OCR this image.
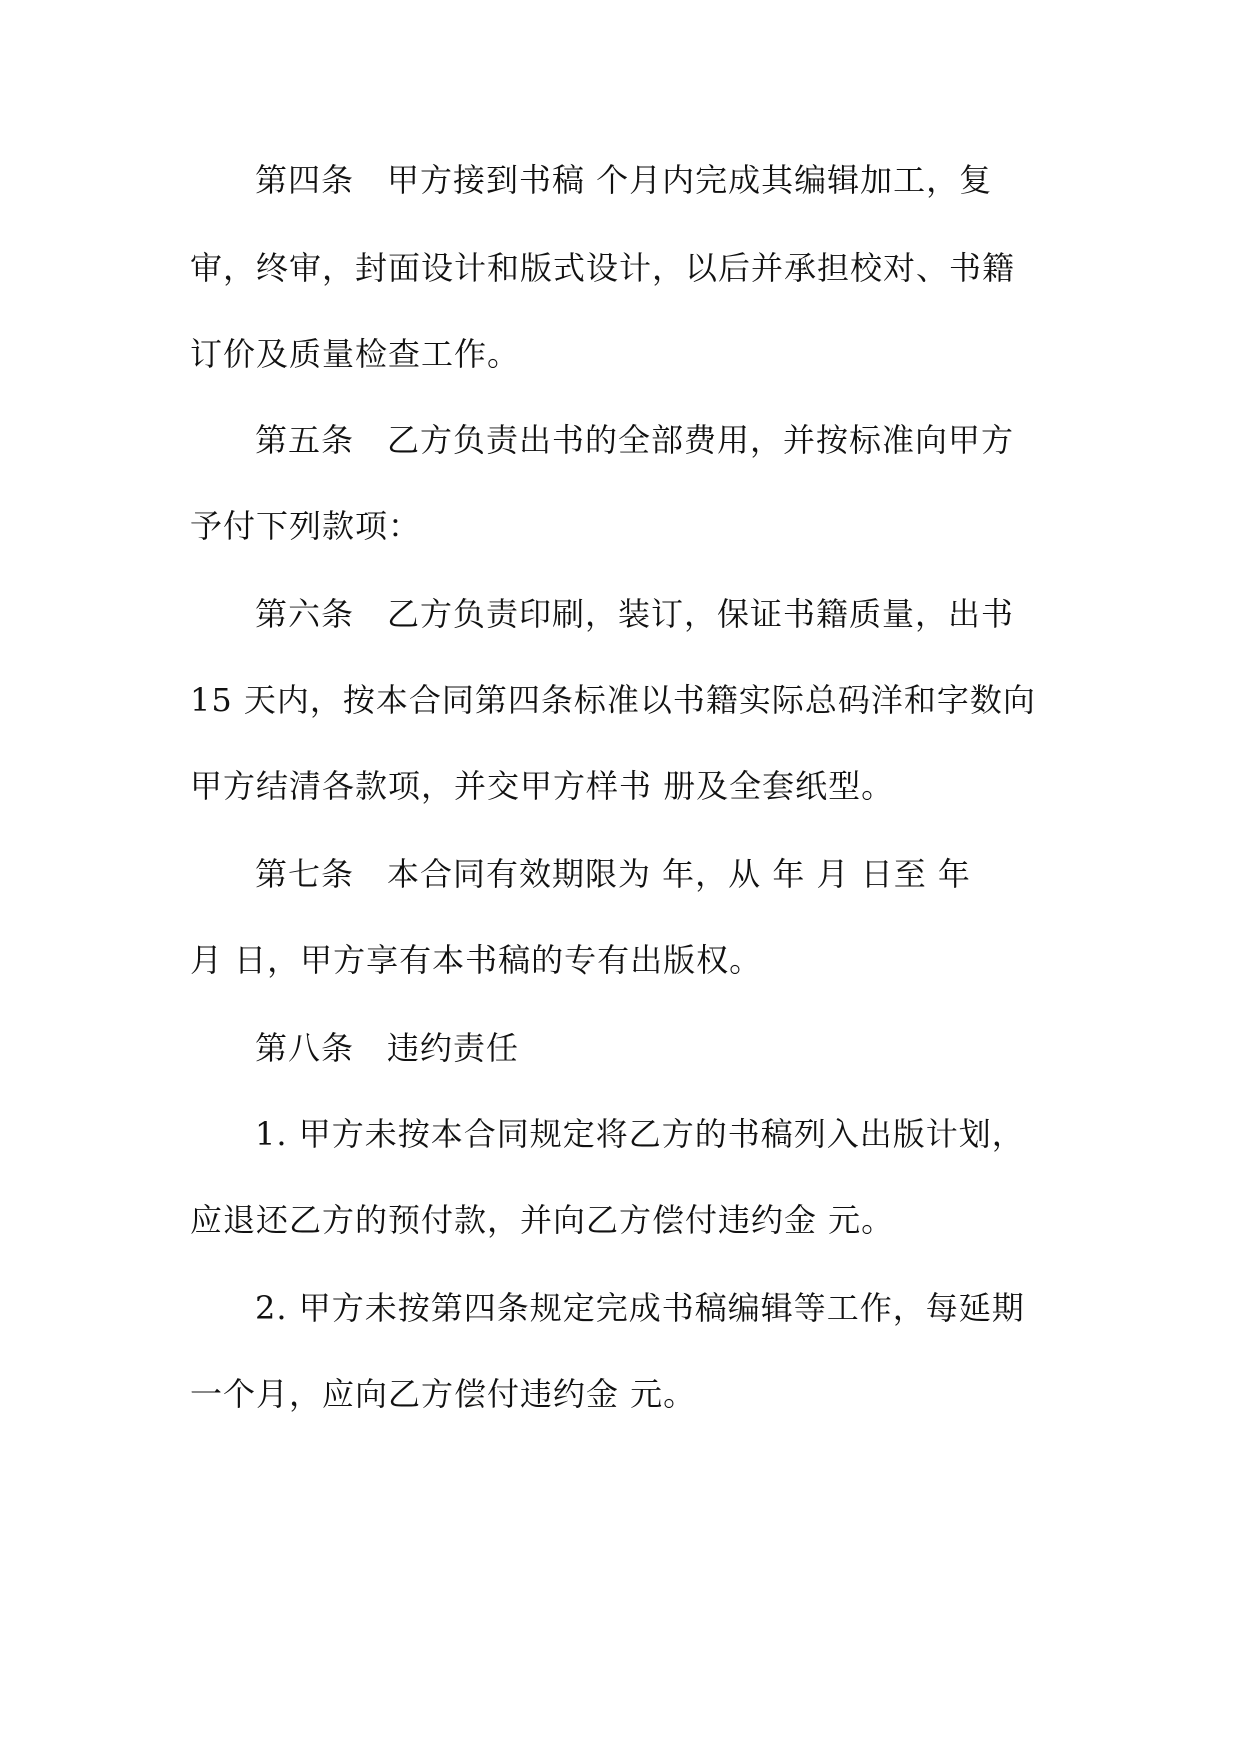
第四条　甲方接到书稿 个月内完成其编辑加工，复
审，终审，封面设计和版式设计，以后并承担校对、书籍
订价及质量检查工作。
第五条　乙方负责出书的全部费用，并按标准向甲方
予付下列款项：
第六条　乙方负责印刷，装订，保证书籍质量，出书
15 天内，按本合同第四条标准以书籍实际总码洋和字数向
甲方结清各款项，并交甲方样书 册及全套纸型。
第七条　本合同有效期限为 年，从 年 月 日至 年
月 日，甲方享有本书稿的专有出版权。
第八条　违约责任
1. 甲方未按本合同规定将乙方的书稿列入出版计划，
应退还乙方的预付款，并向乙方偿付违约金 元。
2. 甲方未按第四条规定完成书稿编辑等工作，每延期
一个月，应向乙方偿付违约金 元。
